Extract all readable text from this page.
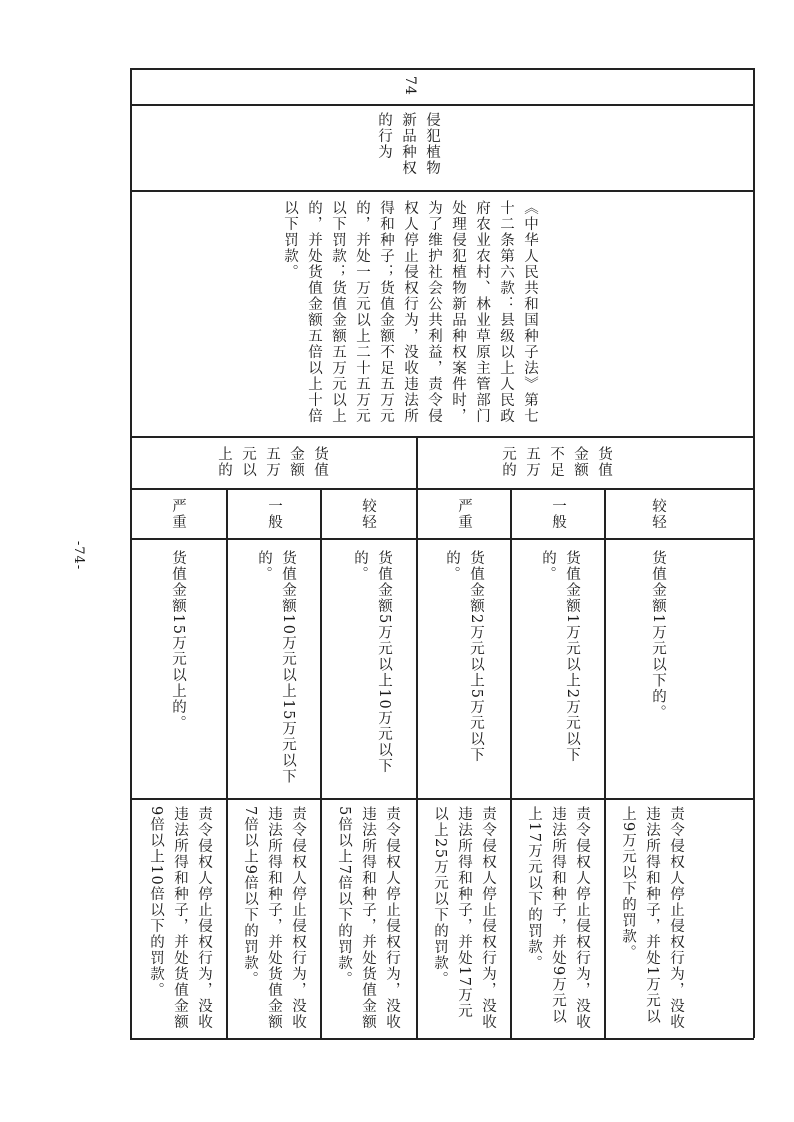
-74-
74
侵犯植物新品种权的行为
《中华人民共和国种子法》第七十二条第六款：县级以上人民政府农业农村、林业草原主管部门处理侵犯植物新品种权案件时，为了维护社会公共利益，责令侵权人停止侵权行为，没收违法所得和种子；货值金额不足五万元的，并处一万元以上二十五万元以下罚款；货值金额五万元以上的，并处货值金额五倍以上十倍以下罚款。
货值金额不足五万元的
货值金额五万元以上的
较轻
一般
严重
较轻
一般
严重
货值金额1万元以下的。
货值金额1万元以上2万元以下的。
货值金额2万元以上5万元以下的。
货值金额5万元以上10万元以下的。
货值金额10万元以上15万元以下的。
货值金额15万元以上的。
责令侵权人停止侵权行为，没收违法所得和种子，并处1万元以上9万元以下的罚款。
责令侵权人停止侵权行为，没收违法所得和种子，并处9万元以上17万元以下的罚款。
责令侵权人停止侵权行为，没收违法所得和种子，并处17万元以上25万元以下的罚款。
责令侵权人停止侵权行为，没收违法所得和种子，并处货值金额5倍以上7倍以下的罚款。
责令侵权人停止侵权行为，没收违法所得和种子，并处货值金额7倍以上9倍以下的罚款。
责令侵权人停止侵权行为，没收违法所得和种子，并处货值金额9倍以上10倍以下的罚款。
